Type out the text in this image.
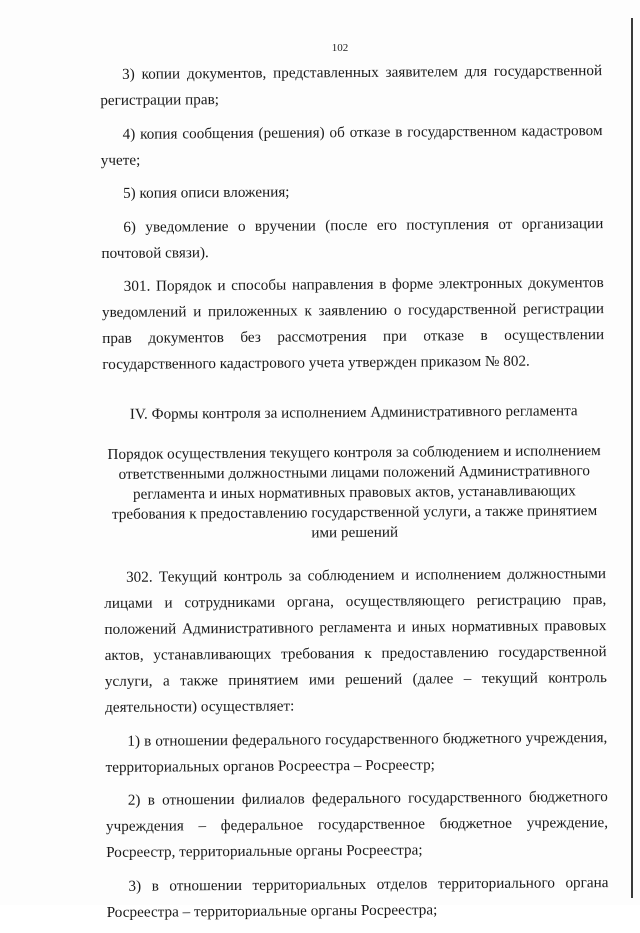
102

3) копии документов, представленных заявителем для государственной регистрации прав;

4) копия сообщения (решения) об отказе в государственном кадастровом учете;

5) копия описи вложения;

6) уведомление о вручении (после его поступления от организации почтовой связи).

301. Порядок и способы направления в форме электронных документов уведомлений и приложенных к заявлению о государственной регистрации прав документов без рассмотрения при отказе в осуществлении государственного кадастрового учета утвержден приказом № 802.

IV. Формы контроля за исполнением Административного регламента

Порядок осуществления текущего контроля за соблюдением и исполнением ответственными должностными лицами положений Административного регламента и иных нормативных правовых актов, устанавливающих требования к предоставлению государственной услуги, а также принятием ими решений

302. Текущий контроль за соблюдением и исполнением должностными лицами и сотрудниками органа, осуществляющего регистрацию прав, положений Административного регламента и иных нормативных правовых актов, устанавливающих требования к предоставлению государственной услуги, а также принятием ими решений (далее – текущий контроль деятельности) осуществляет:

1) в отношении федерального государственного бюджетного учреждения, территориальных органов Росреестра – Росреестр;

2) в отношении филиалов федерального государственного бюджетного учреждения – федеральное государственное бюджетное учреждение, Росреестр, территориальные органы Росреестра;

3) в отношении территориальных отделов территориального органа Росреестра – территориальные органы Росреестра;
